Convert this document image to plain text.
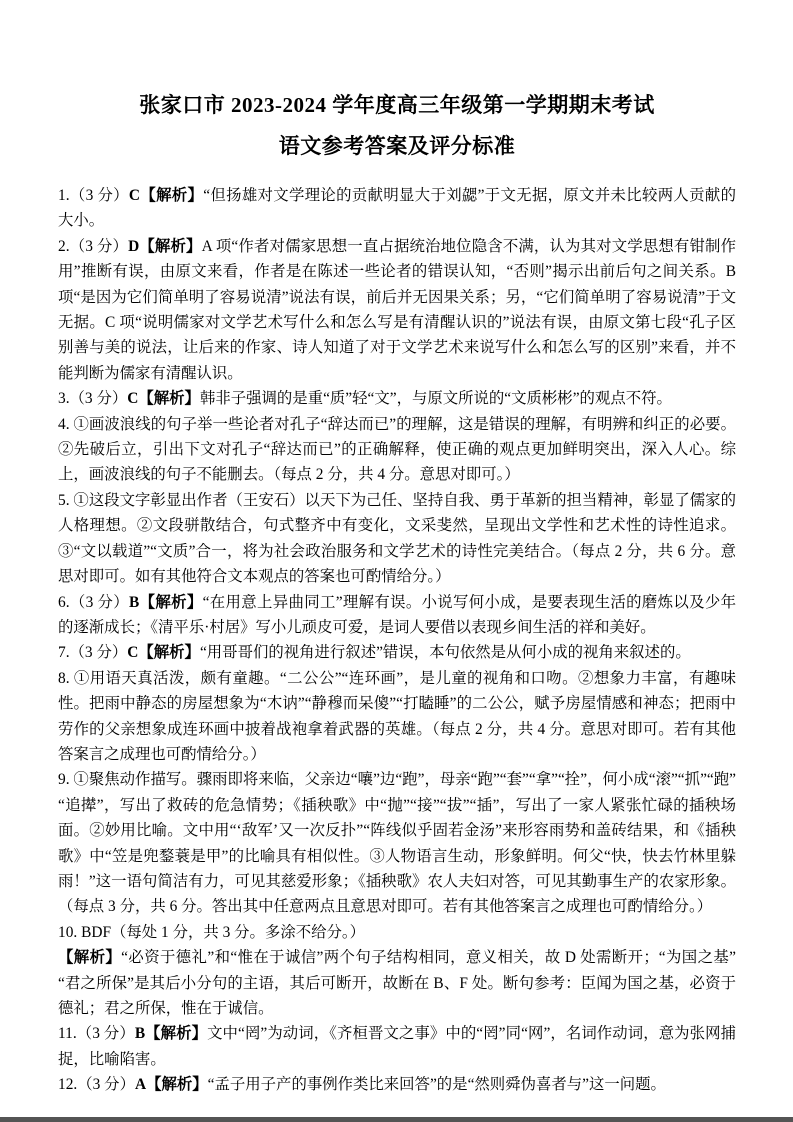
张家口市 2023-2024 学年度高三年级第一学期期末考试
语文参考答案及评分标准

1.（3 分）C【解析】“但扬雄对文学理论的贡献明显大于刘勰”于文无据，原文并未比较两人贡献的大小。

2.（3 分）D【解析】A 项“作者对儒家思想一直占据统治地位隐含不满，认为其对文学思想有钳制作用”推断有误，由原文来看，作者是在陈述一些论者的错误认知，“否则”揭示出前后句之间关系。B 项“是因为它们简单明了容易说清”说法有误，前后并无因果关系；另，“它们简单明了容易说清”于文无据。C 项“说明儒家对文学艺术写什么和怎么写是有清醒认识的”说法有误，由原文第七段“孔子区别善与美的说法，让后来的作家、诗人知道了对于文学艺术来说写什么和怎么写的区别”来看，并不能判断为儒家有清醒认识。

3.（3 分）C【解析】韩非子强调的是重“质”轻“文”，与原文所说的“文质彬彬”的观点不符。

4. ①画波浪线的句子举一些论者对孔子“辞达而已”的理解，这是错误的理解，有明辨和纠正的必要。②先破后立，引出下文对孔子“辞达而已”的正确解释，使正确的观点更加鲜明突出，深入人心。综上，画波浪线的句子不能删去。（每点 2 分，共 4 分。意思对即可。）

5. ①这段文字彰显出作者（王安石）以天下为己任、坚持自我、勇于革新的担当精神，彰显了儒家的人格理想。②文段骈散结合，句式整齐中有变化，文采斐然，呈现出文学性和艺术性的诗性追求。③“文以载道”“文质”合一，将为社会政治服务和文学艺术的诗性完美结合。（每点 2 分，共 6 分。意思对即可。如有其他符合文本观点的答案也可酌情给分。）

6.（3 分）B【解析】“在用意上异曲同工”理解有误。小说写何小成，是要表现生活的磨炼以及少年的逐渐成长；《清平乐·村居》写小儿顽皮可爱，是词人要借以表现乡间生活的祥和美好。

7.（3 分）C【解析】“用哥哥们的视角进行叙述”错误，本句依然是从何小成的视角来叙述的。

8. ①用语天真活泼，颇有童趣。“二公公”“连环画”，是儿童的视角和口吻。②想象力丰富，有趣味性。把雨中静态的房屋想象为“木讷”“静穆而呆傻”“打瞌睡”的二公公，赋予房屋情感和神态；把雨中劳作的父亲想象成连环画中披着战袍拿着武器的英雄。（每点 2 分，共 4 分。意思对即可。若有其他答案言之成理也可酌情给分。）

9. ①聚焦动作描写。骤雨即将来临，父亲边“嚷”边“跑”，母亲“跑”“套”“拿”“拴”，何小成“滚”“抓”“跑”“追撵”，写出了救砖的危急情势；《插秧歌》中“抛”“接”“拔”“插”，写出了一家人紧张忙碌的插秧场面。②妙用比喻。文中用“‘敌军’又一次反扑”“阵线似乎固若金汤”来形容雨势和盖砖结果，和《插秧歌》中“笠是兜鍪蓑是甲”的比喻具有相似性。③人物语言生动，形象鲜明。何父“快，快去竹林里躲雨！”这一语句简洁有力，可见其慈爱形象；《插秧歌》农人夫妇对答，可见其勤事生产的农家形象。（每点 3 分，共 6 分。答出其中任意两点且意思对即可。若有其他答案言之成理也可酌情给分。）

10. BDF（每处 1 分，共 3 分。多涂不给分。）

【解析】“必资于德礼”和“惟在于诚信”两个句子结构相同，意义相关，故 D 处需断开；“为国之基”“君之所保”是其后小分句的主语，其后可断开，故断在 B、F 处。断句参考：臣闻为国之基，必资于德礼；君之所保，惟在于诚信。

11.（3 分）B【解析】文中“罔”为动词，《齐桓晋文之事》中的“罔”同“网”，名词作动词，意为张网捕捉，比喻陷害。

12.（3 分）A【解析】“孟子用子产的事例作类比来回答”的是“然则舜伪喜者与”这一问题。
